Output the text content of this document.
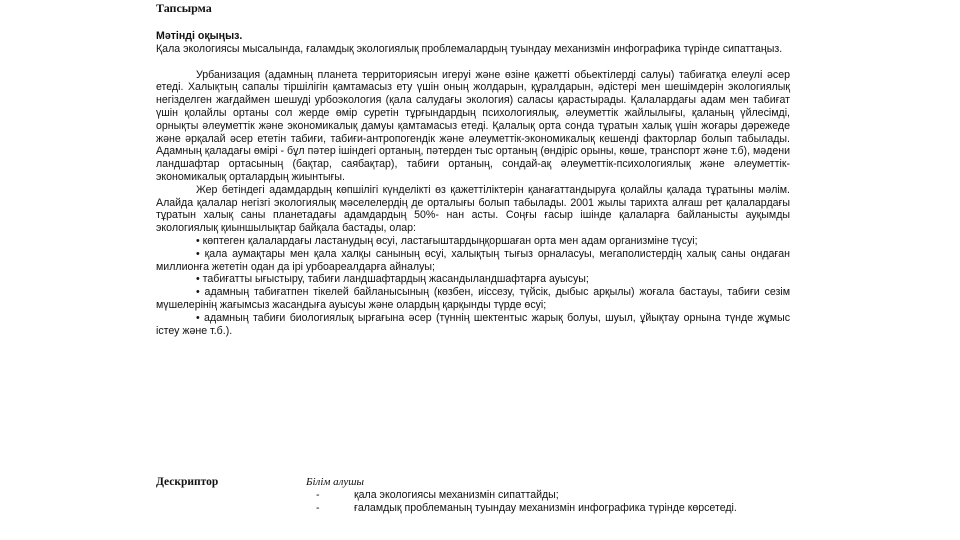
Тапсырма
Мәтінді оқыңыз.
Қала экологиясы мысалында, ғаламдық экологиялық проблемалардың туындау механизмін инфографика түрінде сипаттаңыз.

Урбанизация (адамның планета территориясын игеруі және өзіне қажетті обьектілерді салуы) табиғатқа елеулі әсер етеді. Халықтың сапалы тіршілігін қамтамасыз ету үшін оның жолдарын, құралдарын, әдістері мен шешімдерін экологиялық негізделген жағдаймен шешуді урбоэкология (қала салудағы экология) саласы қарастырады. Қалалардағы адам мен табиғат үшін қолайлы ортаны сол жерде өмір суретін тұрғындардың психологиялық, әлеуметтік жайлылығы, қаланың үйлесімді, орнықты әлеуметтік және экономикалық дамуы қамтамасыз етеді. Қалалық орта сонда тұратын халық үшін жоғары дәрежеде және әрқалай әсер ететін табиғи, табиғи-антропогендік және әлеуметтік-экономикалық кешенді факторлар болып табылады. Адамның қаладағы өмірі - бұл пәтер ішіндегі ортаның, пәтерден тыс ортаның (өндіріс орыны, көше, транспорт және т.б), мәдени ландшафтар ортасының (бақтар, саябақтар), табиғи ортаның, сондай-ақ әлеуметтік-психологиялық және әлеуметтік-экономикалық орталардың жиынтығы.

Жер бетіндегі адамдардың көпшілігі күнделікті өз қажеттіліктерін қанағаттандыруға қолайлы қалада тұратыны мәлім. Алайда қалалар негізгі экологиялық мәселелердің де орталығы болып табылады. 2001 жылы тарихта алғаш рет қалалардағы тұратын халық саны планетадағы адамдардың 50%- нан асты. Соңғы ғасыр ішінде қалаларға байланысты ауқымды экологиялық қиыншылықтар байқала бастады, олар:

• көптеген қалалардағы ластанудың өсуі, ластағыштардыңқоршаған орта мен адам организміне түсуі;

• қала аумақтары мен қала халқы санының өсуі, халықтың тығыз орналасуы, мегаполистердің халық саны ондаған миллионға жететін одан да ірі урбоареалдарға айналуы;

• табиғатты ығыстыру, табиғи ландшафтардың жасандыландшафтарға ауысуы;

• адамның табиғатпен тікелей байланысының (көзбен, иіссезу, түйсік, дыбыс арқылы) жоғала бастауы, табиғи сезім мүшелерінің жағымсыз жасандыға ауысуы және олардың қарқынды түрде өсуі;

• адамның табиғи биологиялық ырғағына әсер (түннің шектентыс жарық болуы, шуыл, ұйықтау орнына түнде жұмыс істеу және т.б.).

Дескриптор	Білім алушы
-	қала экологиясы механизмін сипаттайды;
-	ғаламдық проблеманың туындау механизмін инфографика түрінде көрсетеді.
